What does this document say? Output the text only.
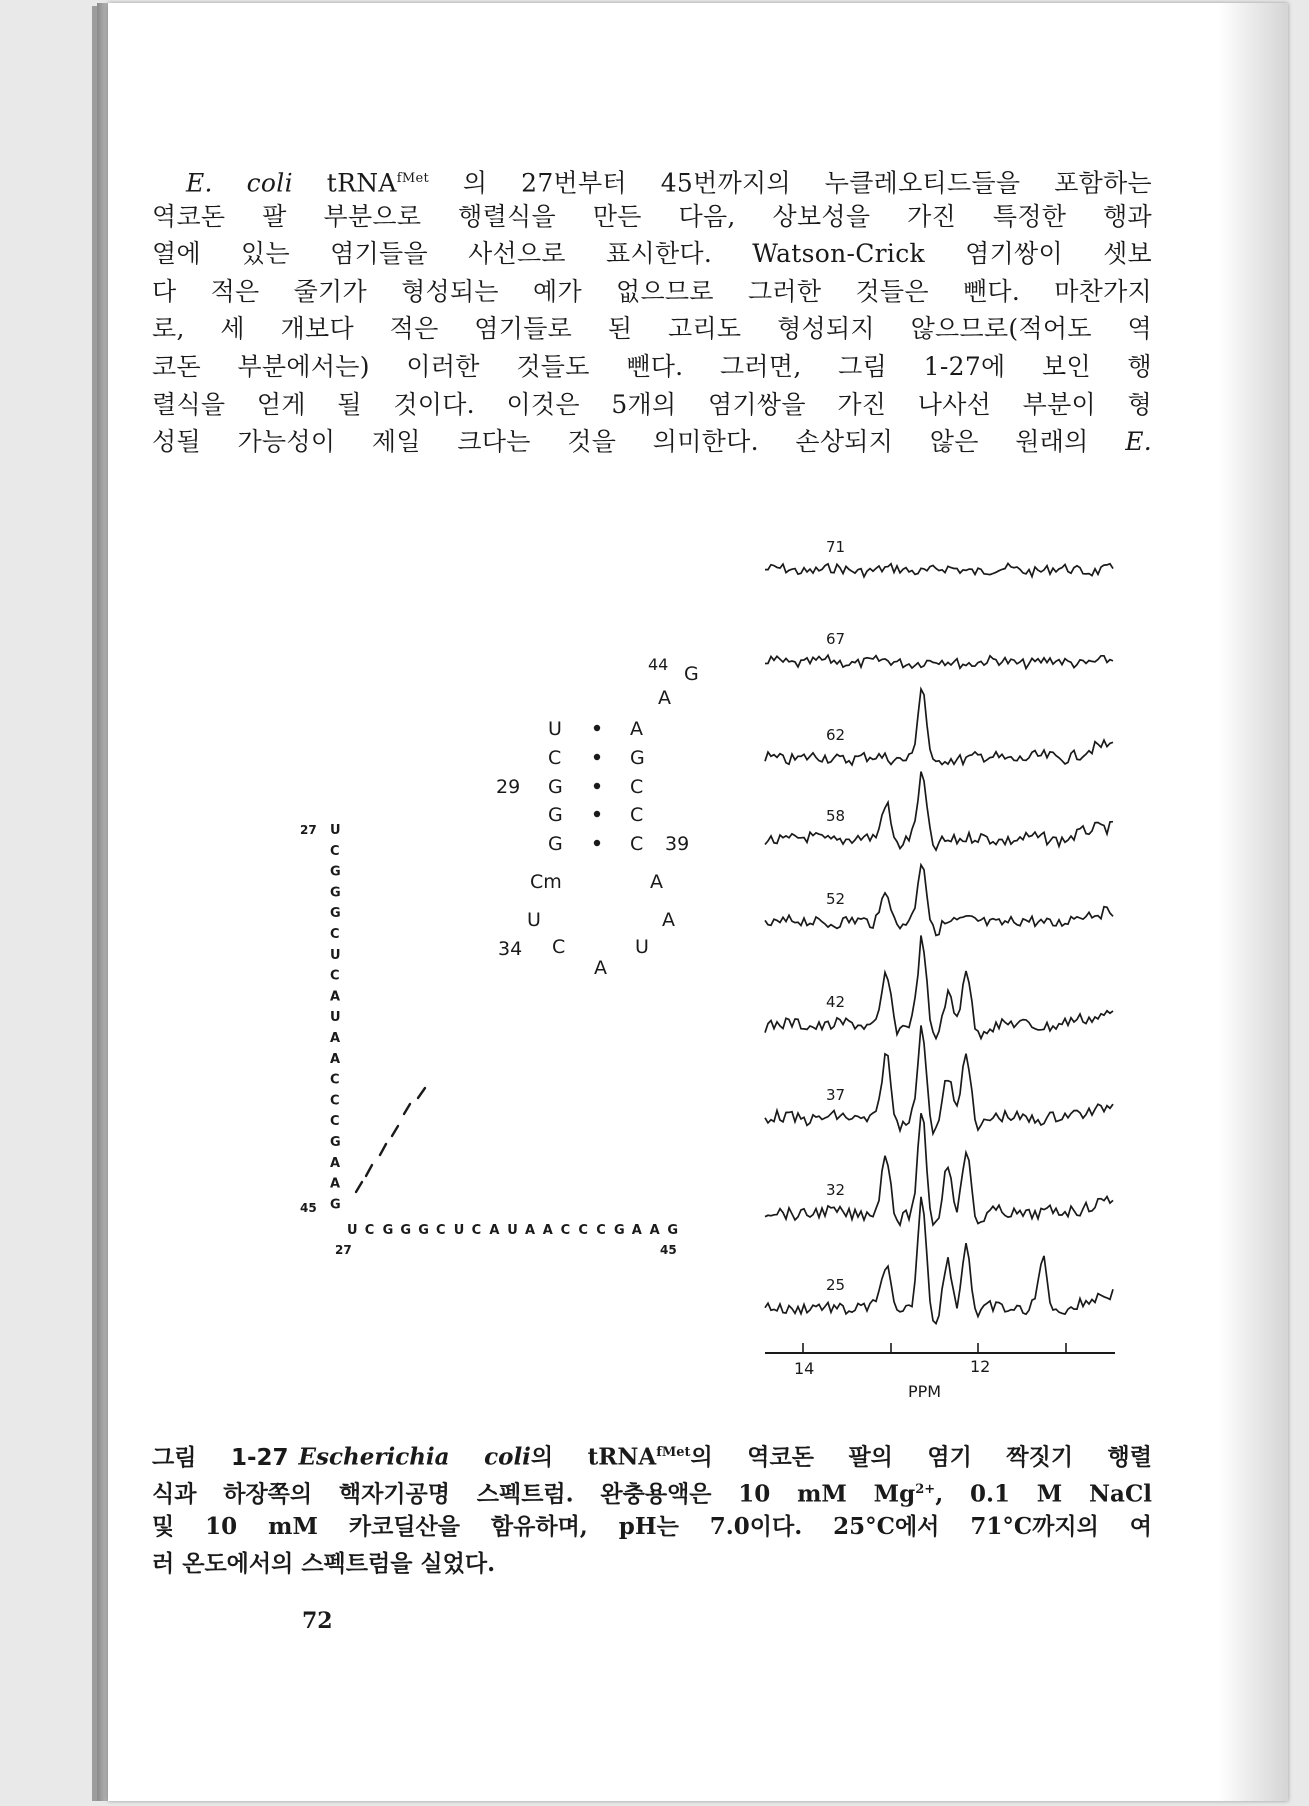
E. coli tRNA$^{fMet}$ 의 27번부터 45번까지의 누클레오티드들을 포함하는
역코돈 팔 부분으로 행렬식을 만든 다음, 상보성을 가진 특정한 행과
열에 있는 염기들을 사선으로 표시한다. Watson-Crick 염기쌍이 셋보
다 적은 줄기가 형성되는 예가 없으므로 그러한 것들은 뺀다. 마찬가지
로, 세 개보다 적은 염기들로 된 고리도 형성되지 않으므로(적어도 역
코돈 부분에서는) 이러한 것들도 뺀다. 그러면, 그림 1-27에 보인 행
렬식을 얻게 될 것이다. 이것은 5개의 염기쌍을 가진 나사선 부분이 형
성될 가능성이 제일 크다는 것을 의미한다. 손상되지 않은 원래의 E.
44 G
A
U	A
C	G
G	C
G	C
G	C
29
39
Cm	A
U	A
C	U
A
34
U
C
G
G
G
C
U
C
A
U
A
A
C
C
C
G
A
A
G
U C G G G C U C A U A A C C C G A A G
27
45
27	45
71
67
62
58
52
42
37
32
25
14	12
PPM
그림 1-27 Escherichia coli의 tRNA$^{fMet}$의 역코돈 팔의 염기 짝짓기 행렬
식과 하장쪽의 핵자기공명 스펙트럼. 완충용액은 10 mM $Mg^{2+}$, 0.1 M NaCl
및 10 mM 카코딜산을 함유하며, pH는 7.0이다. 25°C에서 71°C까지의 여
러 온도에서의 스펙트럼을 실었다.
72
